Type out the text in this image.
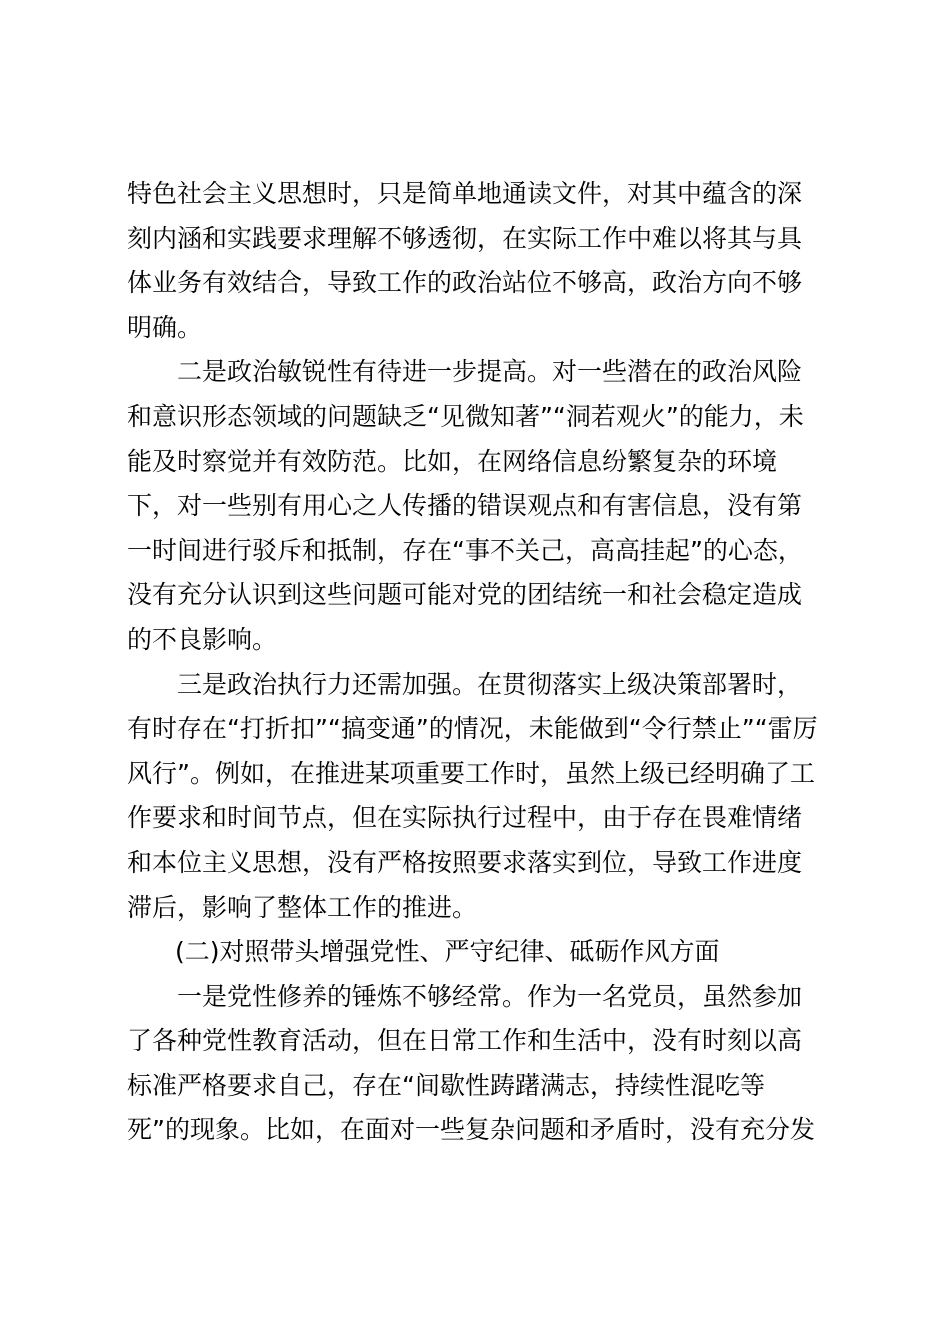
特色社会主义思想时，只是简单地通读文件，对其中蕴含的深
刻内涵和实践要求理解不够透彻，在实际工作中难以将其与具
体业务有效结合，导致工作的政治站位不够高，政治方向不够
明确。
二是政治敏锐性有待进一步提高。对一些潜在的政治风险
和意识形态领域的问题缺乏“见微知著”“洞若观火”的能力，未
能及时察觉并有效防范。比如，在网络信息纷繁复杂的环境
下，对一些别有用心之人传播的错误观点和有害信息，没有第
一时间进行驳斥和抵制，存在“事不关己，高高挂起”的心态，
没有充分认识到这些问题可能对党的团结统一和社会稳定造成
的不良影响。
三是政治执行力还需加强。在贯彻落实上级决策部署时，
有时存在“打折扣”“搞变通”的情况，未能做到“令行禁止”“雷厉
风行”。例如，在推进某项重要工作时，虽然上级已经明确了工
作要求和时间节点，但在实际执行过程中，由于存在畏难情绪
和本位主义思想，没有严格按照要求落实到位，导致工作进度
滞后，影响了整体工作的推进。
(二)对照带头增强党性、严守纪律、砥砺作风方面
一是党性修养的锤炼不够经常。作为一名党员，虽然参加
了各种党性教育活动，但在日常工作和生活中，没有时刻以高
标准严格要求自己，存在“间歇性踌躇满志，持续性混吃等
死”的现象。比如，在面对一些复杂问题和矛盾时，没有充分发
